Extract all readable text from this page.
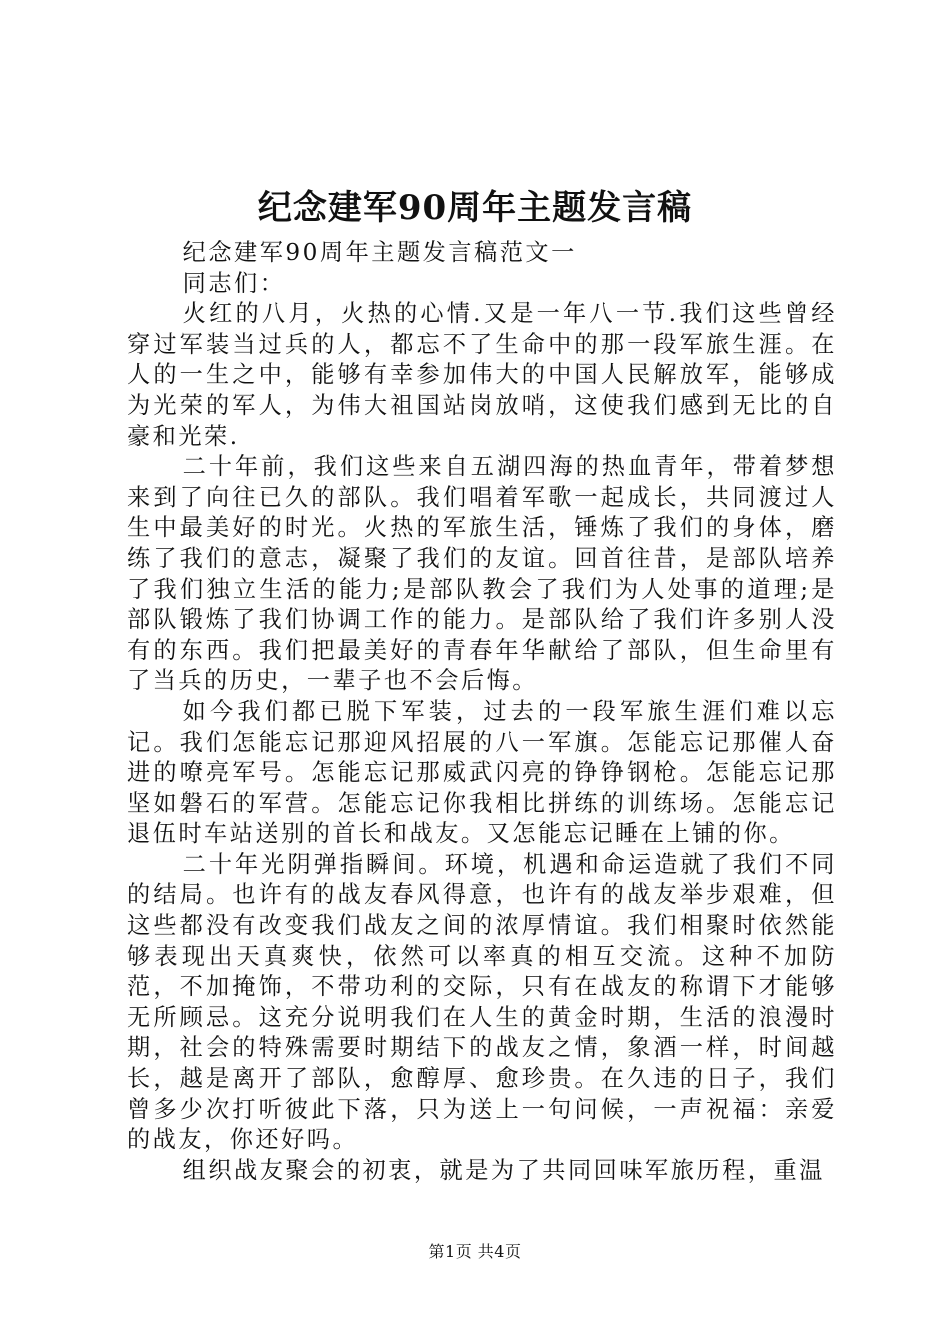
纪念建军90周年主题发言稿

纪念建军90周年主题发言稿范文一

同志们：

火红的八月，火热的心情.又是一年八一节.我们这些曾经穿过军装当过兵的人，都忘不了生命中的那一段军旅生涯。在人的一生之中，能够有幸参加伟大的中国人民解放军，能够成为光荣的军人，为伟大祖国站岗放哨，这使我们感到无比的自豪和光荣.

二十年前，我们这些来自五湖四海的热血青年，带着梦想来到了向往已久的部队。我们唱着军歌一起成长，共同渡过人生中最美好的时光。火热的军旅生活，锤炼了我们的身体，磨练了我们的意志，凝聚了我们的友谊。回首往昔，是部队培养了我们独立生活的能力;是部队教会了我们为人处事的道理;是部队锻炼了我们协调工作的能力。是部队给了我们许多别人没有的东西。我们把最美好的青春年华献给了部队，但生命里有了当兵的历史，一辈子也不会后悔。

如今我们都已脱下军装，过去的一段军旅生涯们难以忘记。我们怎能忘记那迎风招展的八一军旗。怎能忘记那催人奋进的嘹亮军号。怎能忘记那威武闪亮的铮铮钢枪。怎能忘记那坚如磐石的军营。怎能忘记你我相比拼练的训练场。怎能忘记退伍时车站送别的首长和战友。又怎能忘记睡在上铺的你。

二十年光阴弹指瞬间。环境，机遇和命运造就了我们不同的结局。也许有的战友春风得意，也许有的战友举步艰难，但这些都没有改变我们战友之间的浓厚情谊。我们相聚时依然能够表现出天真爽快，依然可以率真的相互交流。这种不加防范，不加掩饰，不带功利的交际，只有在战友的称谓下才能够无所顾忌。这充分说明我们在人生的黄金时期，生活的浪漫时期，社会的特殊需要时期结下的战友之情，象酒一样，时间越长，越是离开了部队，愈醇厚、愈珍贵。在久违的日子，我们曾多少次打听彼此下落，只为送上一句问候，一声祝福：亲爱的战友，你还好吗。

组织战友聚会的初衷，就是为了共同回味军旅历程，重温

第1页 共4页
